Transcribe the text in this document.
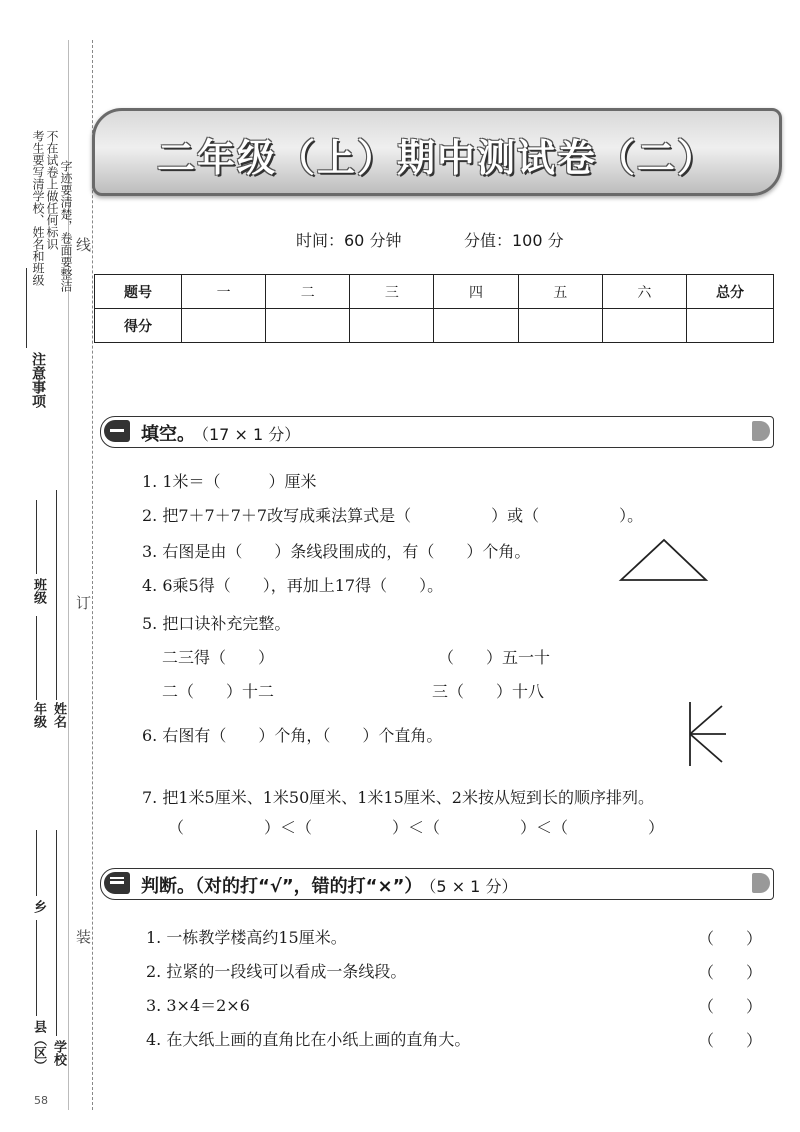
注意事项
考生要写清学校、姓名和班级 不在试卷上做任何标识 字迹要清楚，卷面要整洁 线
订
装
年级
班级
姓名
乡
县（区） 学校
58
二年级（上）期中测试卷（二）
时间：60 分钟	分值：100 分
题号	一	二	三	四	五	六	总分
得分							
填空。 （17 × 1 分）
1. 1米＝（　　　）厘米
2. 把7＋7＋7＋7改写成乘法算式是（　　　　　）或（　　　　　）。
3. 右图是由（　　）条线段围成的，有（　　）个角。
4. 6乘5得（　　），再加上17得（　　）。
5. 把口诀补充完整。
二三得（　　）	（　　）五一十
二（　　）十二	三（　　）十八
6. 右图有（　　）个角，（　　）个直角。
7. 把1米5厘米、1米50厘米、1米15厘米、2米按从短到长的顺序排列。
（　　　　　）＜（　　　　　）＜（　　　　　）＜（　　　　　）
判断。（对的打“√”，错的打“×”） （5 × 1 分）
1. 一栋教学楼高约15厘米。	（　　）
2. 拉紧的一段线可以看成一条线段。	（　　）
3. 3×4＝2×6	（　　）
4. 在大纸上画的直角比在小纸上画的直角大。	（　　）
